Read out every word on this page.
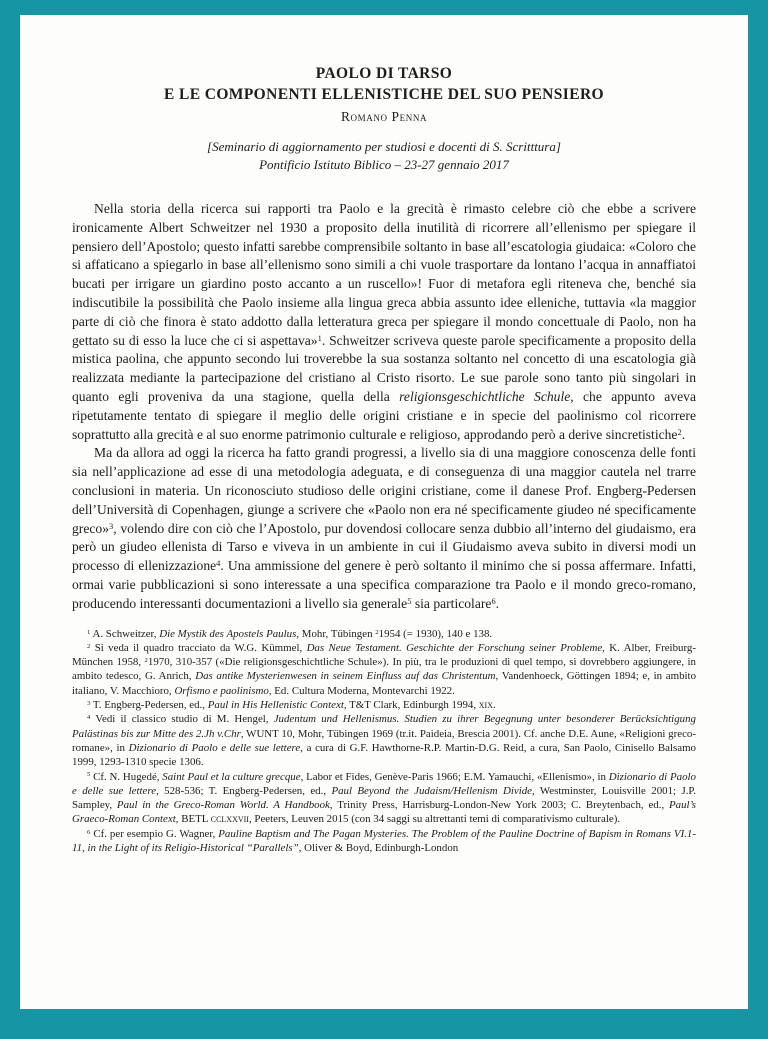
PAOLO DI TARSO

E LE COMPONENTI ELLENISTICHE DEL SUO PENSIERO

Romano Penna
[Seminario di aggiornamento per studiosi e docenti di S. Scritttura]
Pontificio Istituto Biblico – 23-27 gennaio 2017

Nella storia della ricerca sui rapporti tra Paolo e la grecità è rimasto celebre ciò che ebbe a scrivere ironicamente Albert Schweitzer nel 1930 a proposito della inutilità di ricorrere all’ellenismo per spiegare il pensiero dell’Apostolo; questo infatti sarebbe comprensibile soltanto in base all’escatologia giudaica: «Coloro che si affaticano a spiegarlo in base all’ellenismo sono simili a chi vuole trasportare da lontano l’acqua in annaffiatoi bucati per irrigare un giardino posto accanto a un ruscello»! Fuor di metafora egli riteneva che, benché sia indiscutibile la possibilità che Paolo insieme alla lingua greca abbia assunto idee elleniche, tuttavia «la maggior parte di ciò che finora è stato addotto dalla letteratura greca per spiegare il mondo concettuale di Paolo, non ha gettato su di esso la luce che ci si aspettava»$^1$. Schweitzer scriveva queste parole specificamente a proposito della mistica paolina, che appunto secondo lui troverebbe la sua sostanza soltanto nel concetto di una escatologia già realizzata mediante la partecipazione del cristiano al Cristo risorto. Le sue parole sono tanto più singolari in quanto egli proveniva da una stagione, quella della religionsgeschichtliche Schule, che appunto aveva ripetutamente tentato di spiegare il meglio delle origini cristiane e in specie del paolinismo col ricorrere soprattutto alla grecità e al suo enorme patrimonio culturale e religioso, approdando però a derive sincretistiche$^2$.

Ma da allora ad oggi la ricerca ha fatto grandi progressi, a livello sia di una maggiore conoscenza delle fonti sia nell’applicazione ad esse di una metodologia adeguata, e di conseguenza di una maggior cautela nel trarre conclusioni in materia. Un riconosciuto studioso delle origini cristiane, come il danese Prof. Engberg-Pedersen dell’Università di Copenhagen, giunge a scrivere che «Paolo non era né specificamente giudeo né specificamente greco»$^3$, volendo dire con ciò che l’Apostolo, pur dovendosi collocare senza dubbio all’interno del giudaismo, era però un giudeo ellenista di Tarso e viveva in un ambiente in cui il Giudaismo aveva subito in diversi modi un processo di ellenizzazione$^4$. Una ammissione del genere è però soltanto il minimo che si possa affermare. Infatti, ormai varie pubblicazioni si sono interessate a una specifica comparazione tra Paolo e il mondo greco-romano, producendo interessanti documentazioni a livello sia generale$^5$ sia particolare$^6$.

$^1$ A. Schweitzer, Die Mystik des Apostels Paulus, Mohr, Tübingen $^2$1954 (= 1930), 140 e 138.

$^2$ Si veda il quadro tracciato da W.G. Kümmel, Das Neue Testament. Geschichte der Forschung seiner Probleme, K. Alber, Freiburg-München 1958, $^2$1970, 310-357 («Die religionsgeschichtliche Schule»). In più, tra le produzioni di quel tempo, si dovrebbero aggiungere, in ambito tedesco, G. Anrich, Das antike Mysterienwesen in seinem Einfluss auf das Christentum, Vandenhoeck, Göttingen 1894; e, in ambito italiano, V. Macchioro, Orfismo e paolinismo, Ed. Cultura Moderna, Montevarchi 1922.

$^3$ T. Engberg-Pedersen, ed., Paul in His Hellenistic Context, T&T Clark, Edinburgh 1994, xix.

$^4$ Vedi il classico studio di M. Hengel, Judentum und Hellenismus. Studien zu ihrer Begegnung unter besonderer Berücksichtigung Palästinas bis zur Mitte des 2.Jh v.Chr, WUNT 10, Mohr, Tübingen 1969 (tr.it. Paideia, Brescia 2001). Cf. anche D.E. Aune, «Religioni greco-romane», in Dizionario di Paolo e delle sue lettere, a cura di G.F. Hawthorne-R.P. Martin-D.G. Reid, a cura, San Paolo, Cinisello Balsamo 1999, 1293-1310 specie 1306.

$^5$ Cf. N. Hugedé, Saint Paul et la culture grecque, Labor et Fides, Genève-Paris 1966; E.M. Yamauchi, «Ellenismo», in Dizionario di Paolo e delle sue lettere, 528-536; T. Engberg-Pedersen, ed., Paul Beyond the Judaism/Hellenism Divide, Westminster, Louisville 2001; J.P. Sampley, Paul in the Greco-Roman World. A Handbook, Trinity Press, Harrisburg-London-New York 2003; C. Breytenbach, ed., Paul’s Graeco-Roman Context, BETL cclxxvii, Peeters, Leuven 2015 (con 34 saggi su altrettanti temi di comparativismo culturale).

$^6$ Cf. per esempio G. Wagner, Pauline Baptism and The Pagan Mysteries. The Problem of the Pauline Doctrine of Bapism in Romans VI.1-11, in the Light of its Religio-Historical “Parallels”, Oliver & Boyd, Edinburgh-London
